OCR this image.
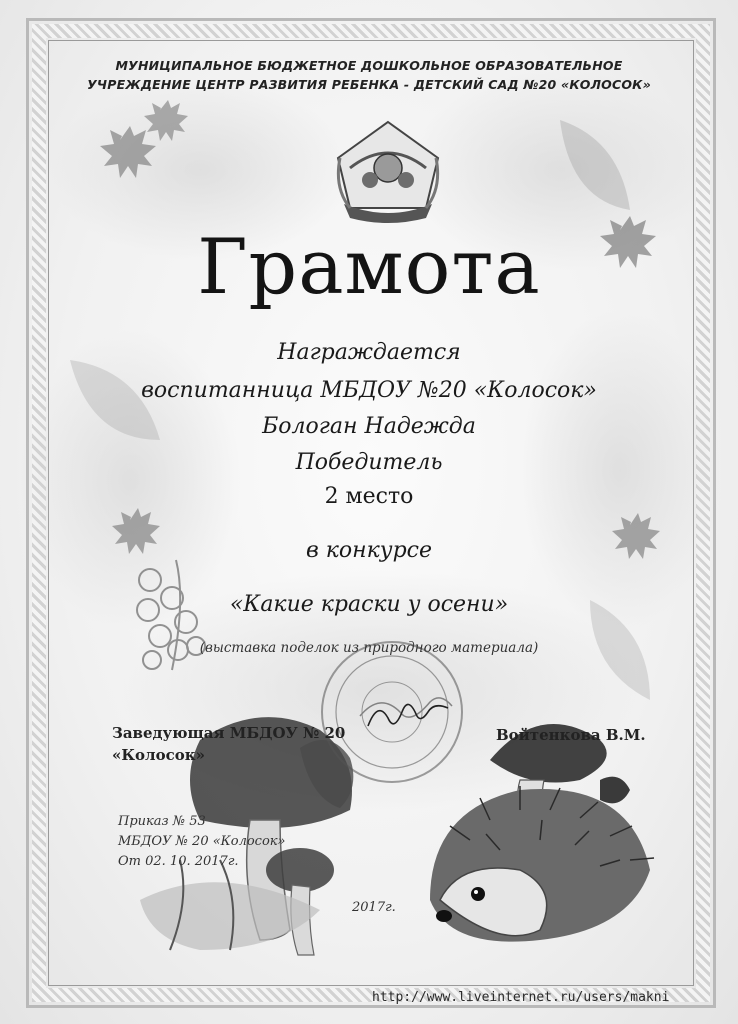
МУНИЦИПАЛЬНОЕ БЮДЖЕТНОЕ ДОШКОЛЬНОЕ ОБРАЗОВАТЕЛЬНОЕ
УЧРЕЖДЕНИЕ ЦЕНТР РАЗВИТИЯ РЕБЕНКА - ДЕТСКИЙ САД №20 «КОЛОСОК»
Грамота
Награждается
воспитанница МБДОУ №20 «Колосок»
Бологан Надежда
Победитель
2 место
в конкурсе
«Какие краски у осени»
(выставка поделок из природного материала)
Заведующая МБДОУ № 20
«Колосок»
Войтенкова В.М.
Приказ № 53
МБДОУ № 20 «Колосок»
От 02. 10. 2017г.
2017г.
http://www.liveinternet.ru/users/makni
